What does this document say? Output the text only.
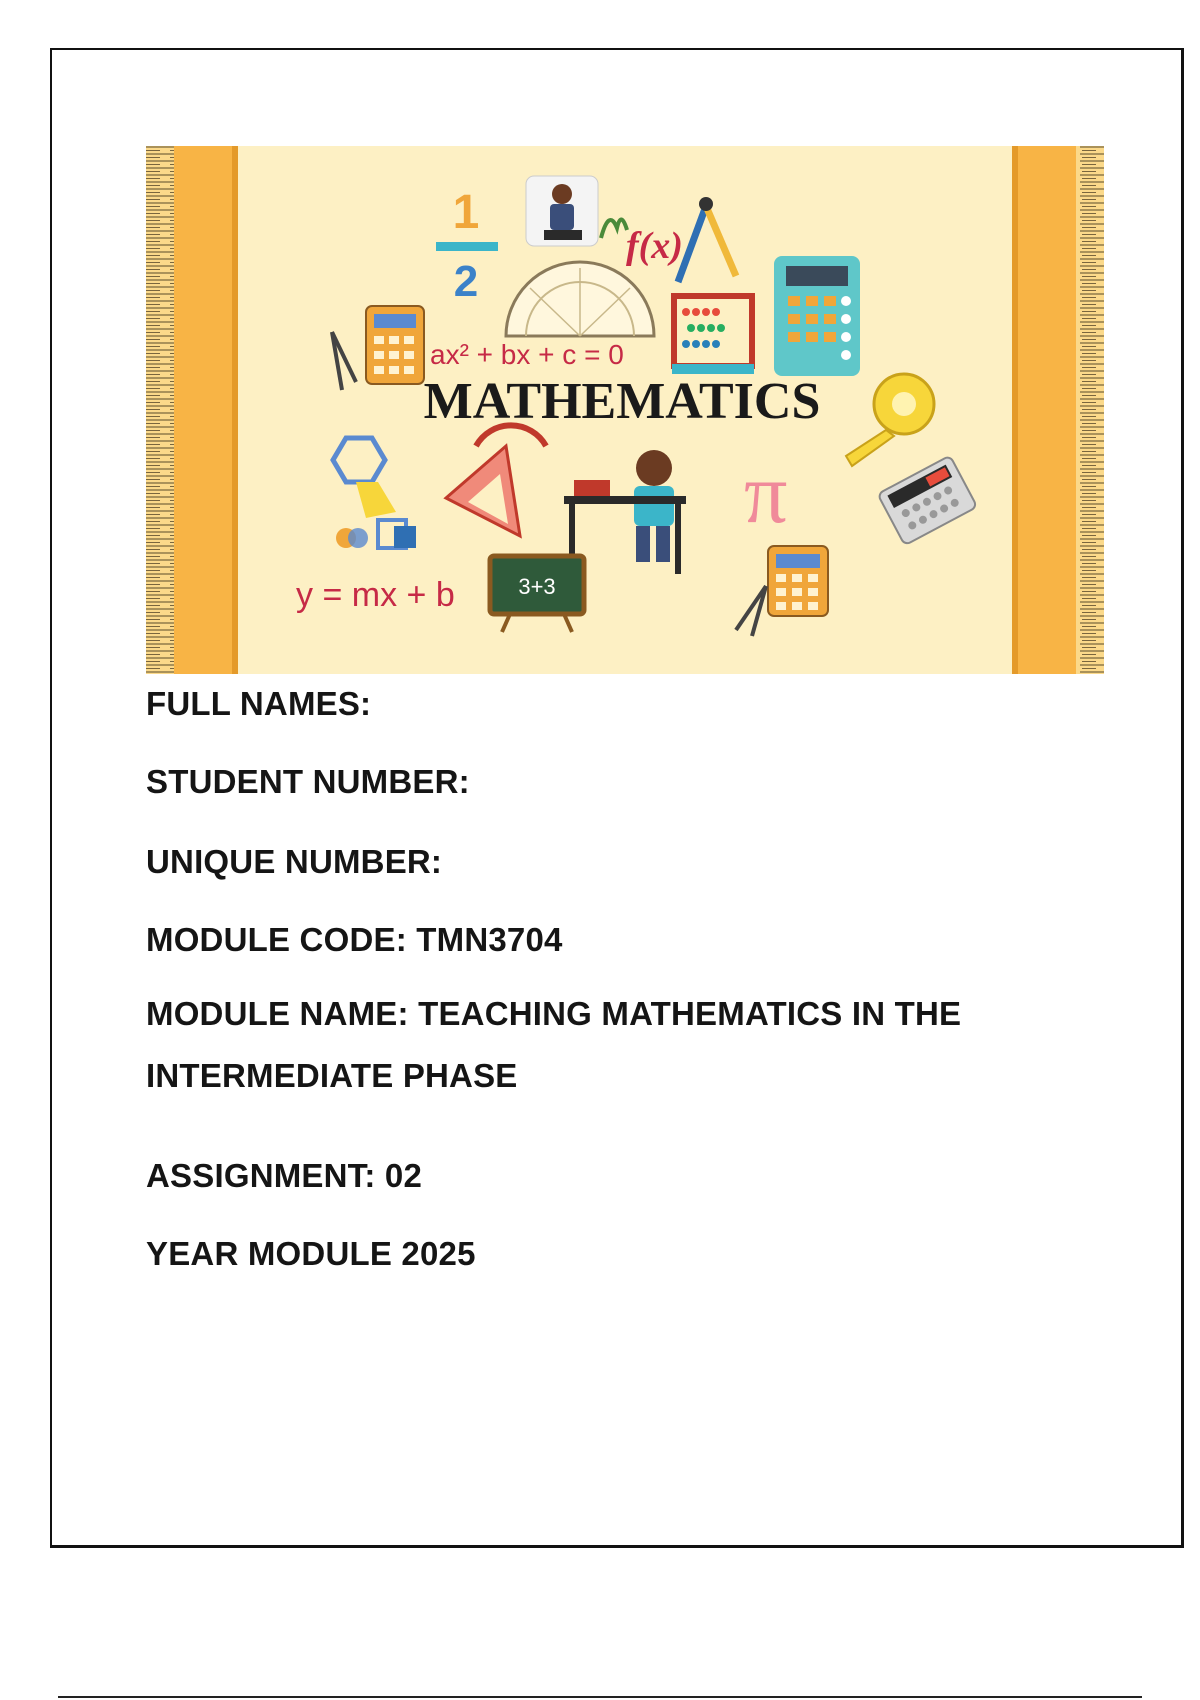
1
2
f(x)
ax² + bx + c = 0
MATHEMATICS
π
y = mx + b	3+3
FULL NAMES:
STUDENT NUMBER:
UNIQUE NUMBER:
MODULE CODE: TMN3704
MODULE NAME: TEACHING MATHEMATICS IN THE INTERMEDIATE PHASE
ASSIGNMENT: 02
YEAR MODULE 2025
